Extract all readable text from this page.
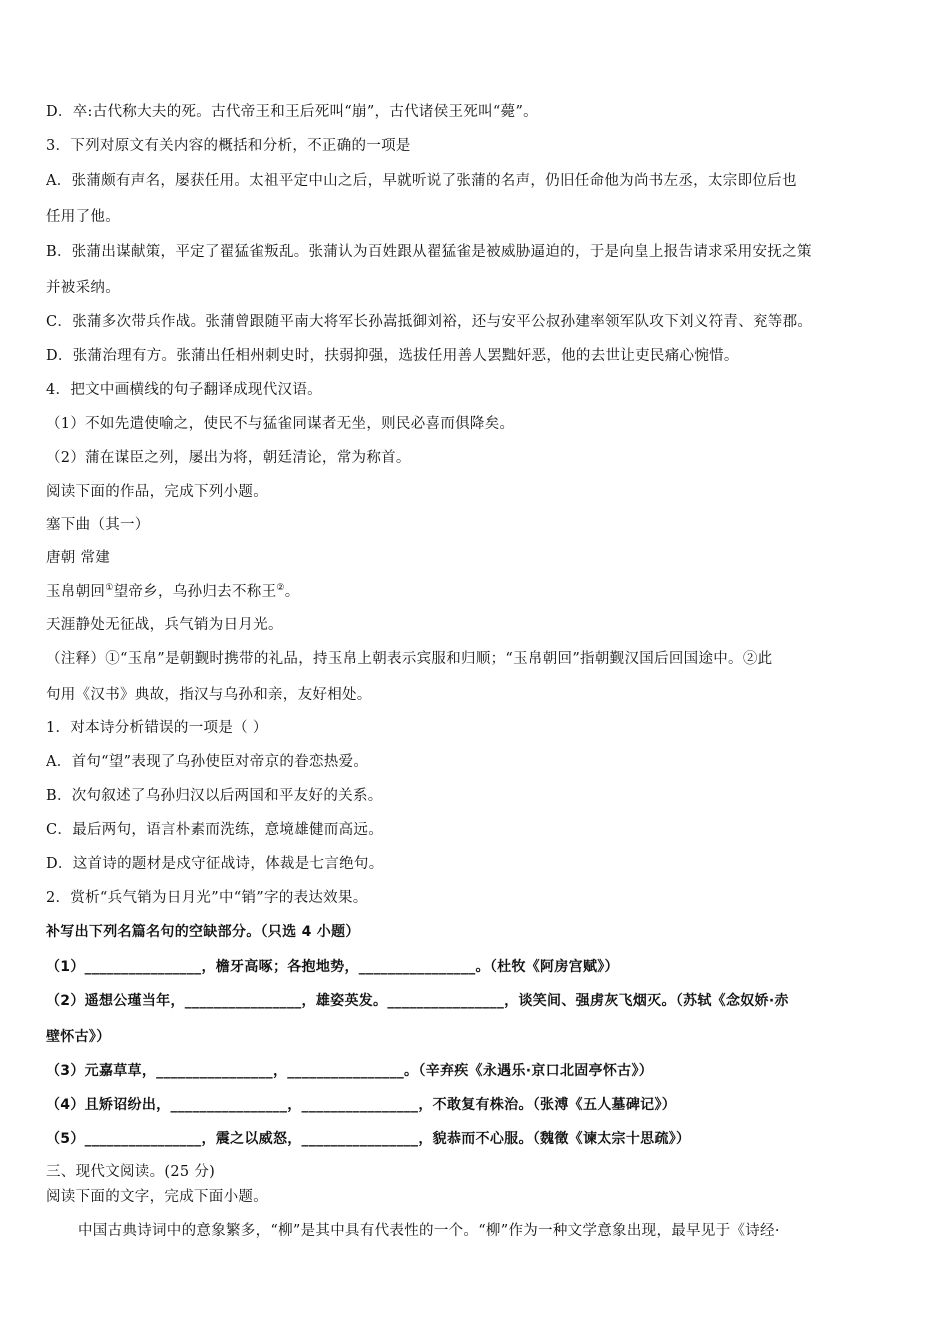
D．卒:古代称大夫的死。古代帝王和王后死叫“崩”，古代诸侯王死叫“薨”。
3．下列对原文有关内容的概括和分析，不正确的一项是
A．张蒲颇有声名，屡获任用。太祖平定中山之后，早就听说了张蒲的名声，仍旧任命他为尚书左丞，太宗即位后也
任用了他。
B．张蒲出谋献策，平定了翟猛雀叛乱。张蒲认为百姓跟从翟猛雀是被威胁逼迫的，于是向皇上报告请求采用安抚之策
并被采纳。
C．张蒲多次带兵作战。张蒲曾跟随平南大将军长孙嵩抵御刘裕，还与安平公叔孙建率领军队攻下刘义符青、兖等郡。
D．张蒲治理有方。张蒲出任相州刺史时，扶弱抑强，选拔任用善人罢黜奸恶，他的去世让吏民痛心惋惜。
4．把文中画横线的句子翻译成现代汉语。
（1）不如先遣使喻之，使民不与猛雀同谋者无坐，则民必喜而俱降矣。
（2）蒲在谋臣之列，屡出为将，朝廷清论，常为称首。
阅读下面的作品，完成下列小题。
塞下曲（其一）
唐朝 常建
玉帛朝回①望帝乡，乌孙归去不称王②。
天涯静处无征战，兵气销为日月光。
（注释）①“玉帛”是朝觐时携带的礼品，持玉帛上朝表示宾服和归顺；“玉帛朝回”指朝觐汉国后回国途中。②此
句用《汉书》典故，指汉与乌孙和亲，友好相处。
1．对本诗分析错误的一项是（ ）
A．首句“望”表现了乌孙使臣对帝京的眷恋热爱。
B．次句叙述了乌孙归汉以后两国和平友好的关系。
C．最后两句，语言朴素而洗练，意境雄健而高远。
D．这首诗的题材是戍守征战诗，体裁是七言绝句。
2．赏析“兵气销为日月光”中“销”字的表达效果。
补写出下列名篇名句的空缺部分。（只选 4 小题）
（1）________________，檐牙高啄；各抱地势，________________。（杜牧《阿房宫赋》）
（2）遥想公瑾当年，________________，雄姿英发。________________，谈笑间、强虏灰飞烟灭。（苏轼《念奴娇·赤
壁怀古》）
（3）元嘉草草，________________，________________。（辛弃疾《永遇乐·京口北固亭怀古》）
（4）且矫诏纷出，________________，________________，不敢复有株治。（张溥《五人墓碑记》）
（5）________________，震之以威怒，________________，貌恭而不心服。（魏徵《谏太宗十思疏》）
三、现代文阅读。(25 分)
阅读下面的文字，完成下面小题。
中国古典诗词中的意象繁多，“柳”是其中具有代表性的一个。“柳”作为一种文学意象出现，最早见于《诗经·
